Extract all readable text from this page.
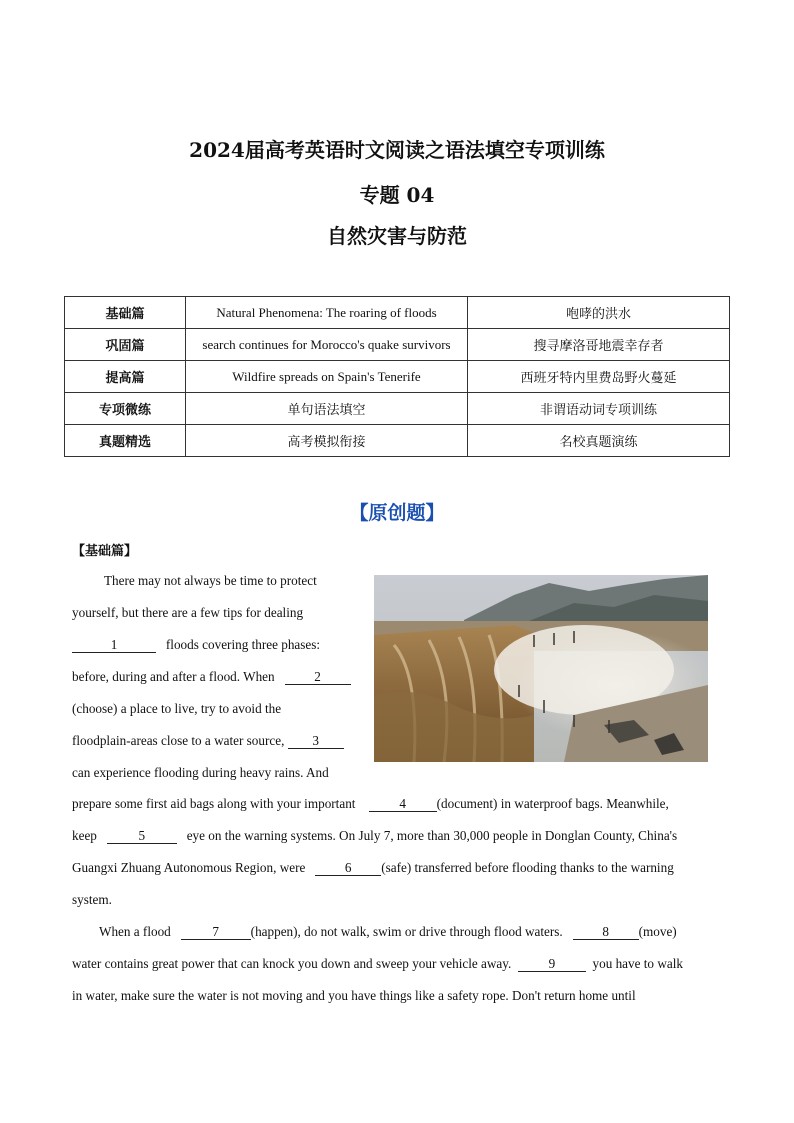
2024届高考英语时文阅读之语法填空专项训练
专题 04
自然灾害与防范
基础篇	Natural Phenomena: The roaring of floods	咆哮的洪水
巩固篇	search continues for Morocco's quake survivors	搜寻摩洛哥地震幸存者
提高篇	Wildfire spreads on Spain's Tenerife	西班牙特内里费岛野火蔓延
专项微练	单句语法填空	非谓语动词专项训练
真题精选	高考模拟衔接	名校真题演练
【原创题】
【基础篇】
There may not always be time to protect
yourself, but there are a few tips for dealing
1	floods covering three phases:
before, during and after a flood. When	2
(choose) a place to live, try to avoid the
floodplain-areas close to a water source, 3
can experience flooding during heavy rains. And
prepare some first aid bags along with your important	4 (document) in waterproof bags. Meanwhile,
keep	5	eye on the warning systems. On July 7, more than 30,000 people in Donglan County, China's
Guangxi Zhuang Autonomous Region, were	6 (safe) transferred before flooding thanks to the warning
system.
When a flood	7 (happen), do not walk, swim or drive through flood waters.	8 (move)
water contains great power that can knock you down and sweep your vehicle away.	9	you have to walk
in water, make sure the water is not moving and you have things like a safety rope. Don't return home until
